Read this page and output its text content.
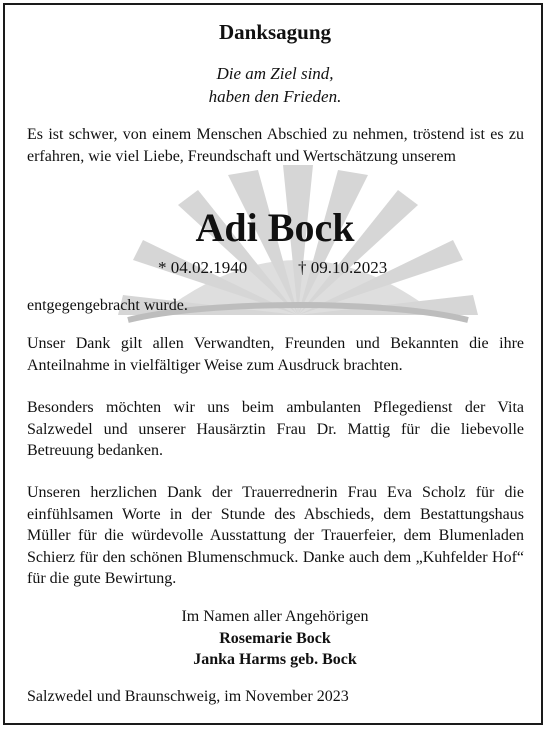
Danksagung
Die am Ziel sind,
haben den Frieden.
Es ist schwer, von einem Menschen Abschied zu nehmen, tröstend ist es zu erfahren, wie viel Liebe, Freundschaft und Wertschätzung unserem
Adi Bock
* 04.02.1940	† 09.10.2023
entgegengebracht wurde.
Unser Dank gilt allen Verwandten, Freunden und Bekannten die ihre Anteilnahme in vielfältiger Weise zum Ausdruck brachten.
Besonders möchten wir uns beim ambulanten Pflegedienst der Vita Salzwedel und unserer Hausärztin Frau Dr. Mattig für die liebevolle Betreuung bedanken.
Unseren herzlichen Dank der Trauerrednerin Frau Eva Scholz für die einfühlsamen Worte in der Stunde des Abschieds, dem Bestattungshaus Müller für die würdevolle Ausstattung der Trauerfeier, dem Blumenladen Schierz für den schönen Blumenschmuck. Danke auch dem „Kuhfelder Hof“ für die gute Bewirtung.
Im Namen aller Angehörigen
Rosemarie Bock
Janka Harms geb. Bock
Salzwedel und Braunschweig, im November 2023
